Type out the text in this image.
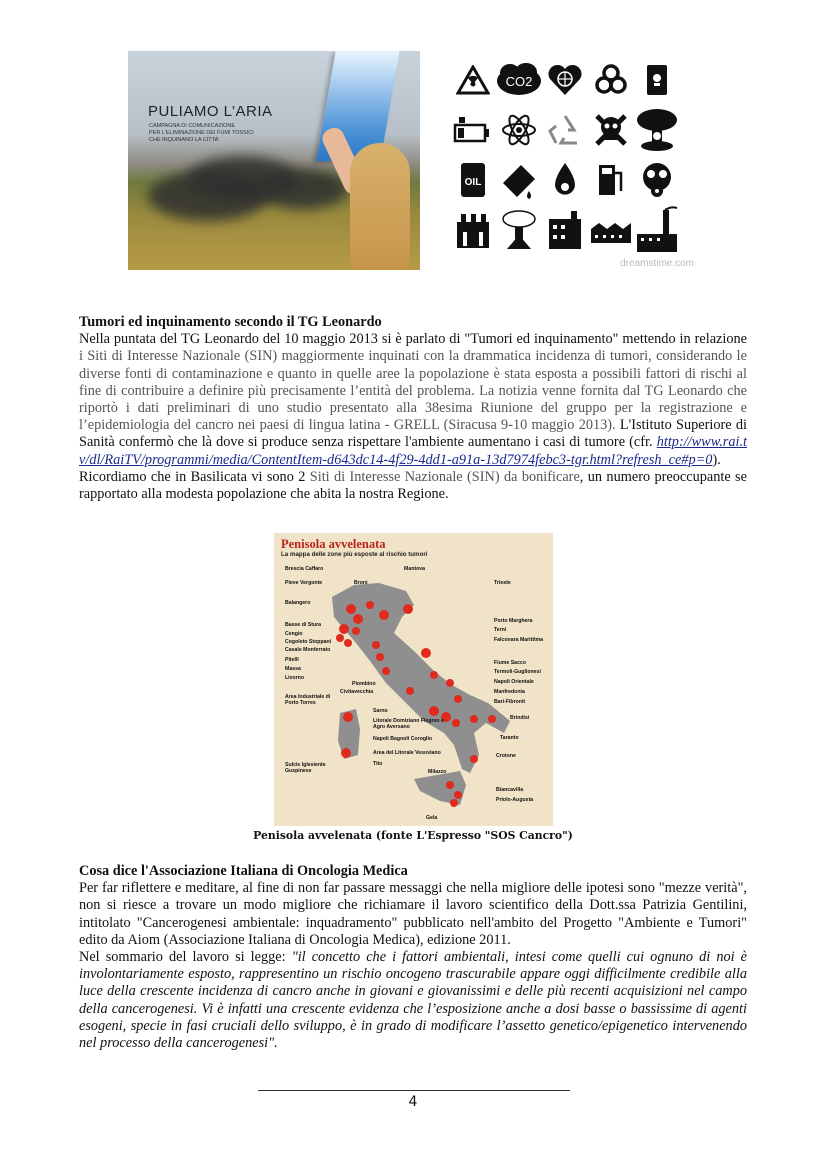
PULIAMO L’ARIA
CAMPAGNA DI COMUNICAZIONE
PER L'ELIMINAZIONE DEI FUMI TOSSICI
CHE INQUINANO LA CITTA'
CO2
OIL
dreamstime.com
Tumori ed inquinamento secondo il TG Leonardo
Nella puntata del TG Leonardo del 10 maggio 2013 si è parlato di "Tumori ed inquinamento" mettendo in relazione i Siti di Interesse Nazionale (SIN) maggiormente inquinati con la drammatica incidenza di tumori, considerando le diverse fonti di contaminazione e quanto in quelle aree la popolazione è stata esposta a possibili fattori di rischi al fine di contribuire a definire più precisamente l’entità del problema. La notizia venne fornita dal TG Leonardo che riportò i dati preliminari di uno studio presentato alla 38esima Riunione del gruppo per la registrazione e l’epidemiologia del cancro nei paesi di lingua latina - GRELL (Siracusa 9-10 maggio 2013). L'Istituto Superiore di Sanità confermò che là dove si produce senza rispettare l'ambiente aumentano i casi di tumore (cfr. http://www.rai.tv/dl/RaiTV/programmi/media/ContentItem-d643dc14-4f29-4dd1-a91a-13d7974febc3-tgr.html?refresh_ce#p=0). Ricordiamo che in Basilicata vi sono 2 Siti di Interesse Nazionale (SIN) da bonificare, un numero preoccupante se rapportato alla modesta popolazione che abita la nostra Regione.
Penisola avvelenata
La mappa delle zone più esposte al rischio tumori
Brescia Caffaro
Pieve Vergonte	Broni
Balangero
Basse di Stura
Cengio
Cogoleto Stoppani
Casale Monferrato
Pitelli
Massa
Livorno
Piombino
Civitavecchia
Area Industriale di Porto Torres
Sarno
Litorale Domiziano Flegreo e Agro Aversano
Napoli Bagnoli Coroglio
Area del Litorale Vesuviano
Tito
Sulcis Iglesiente Guspinese	Milazzo
Gela
Mantova
Trieste
Porto Marghera
Terni
Falconara Marittima
Fiume Sacco
Termoli-Guglionesi
Napoli Orientale
Manfredonia
Bari-Fibronit
Brindisi
Taranto
Crotone
Biancavilla
Priolo-Augusta
Penisola avvelenata (fonte L'Espresso "SOS Cancro")
Cosa dice l'Associazione Italiana di Oncologia Medica
Per far riflettere e meditare, al fine di non far passare messaggi che nella migliore delle ipotesi sono "mezze verità", non si riesce a trovare un modo migliore che richiamare il lavoro scientifico della Dott.ssa Patrizia Gentilini, intitolato "Cancerogenesi ambientale: inquadramento" pubblicato nell'ambito del Progetto "Ambiente e Tumori" edito da Aiom (Associazione Italiana di Oncologia Medica), edizione 2011.
Nel sommario del lavoro si legge: "il concetto che i fattori ambientali, intesi come quelli cui ognuno di noi è involontariamente esposto, rappresentino un rischio oncogeno trascurabile appare oggi difficilmente credibile alla luce della crescente incidenza di cancro anche in giovani e giovanissimi e delle più recenti acquisizioni nel campo della cancerogenesi. Vi è infatti una crescente evidenza che l’esposizione anche a dosi basse o bassissime di agenti esogeni, specie in fasi cruciali dello sviluppo, è in grado di modificare l’assetto genetico/epigenetico intervenendo nel processo della cancerogenesi".
4
